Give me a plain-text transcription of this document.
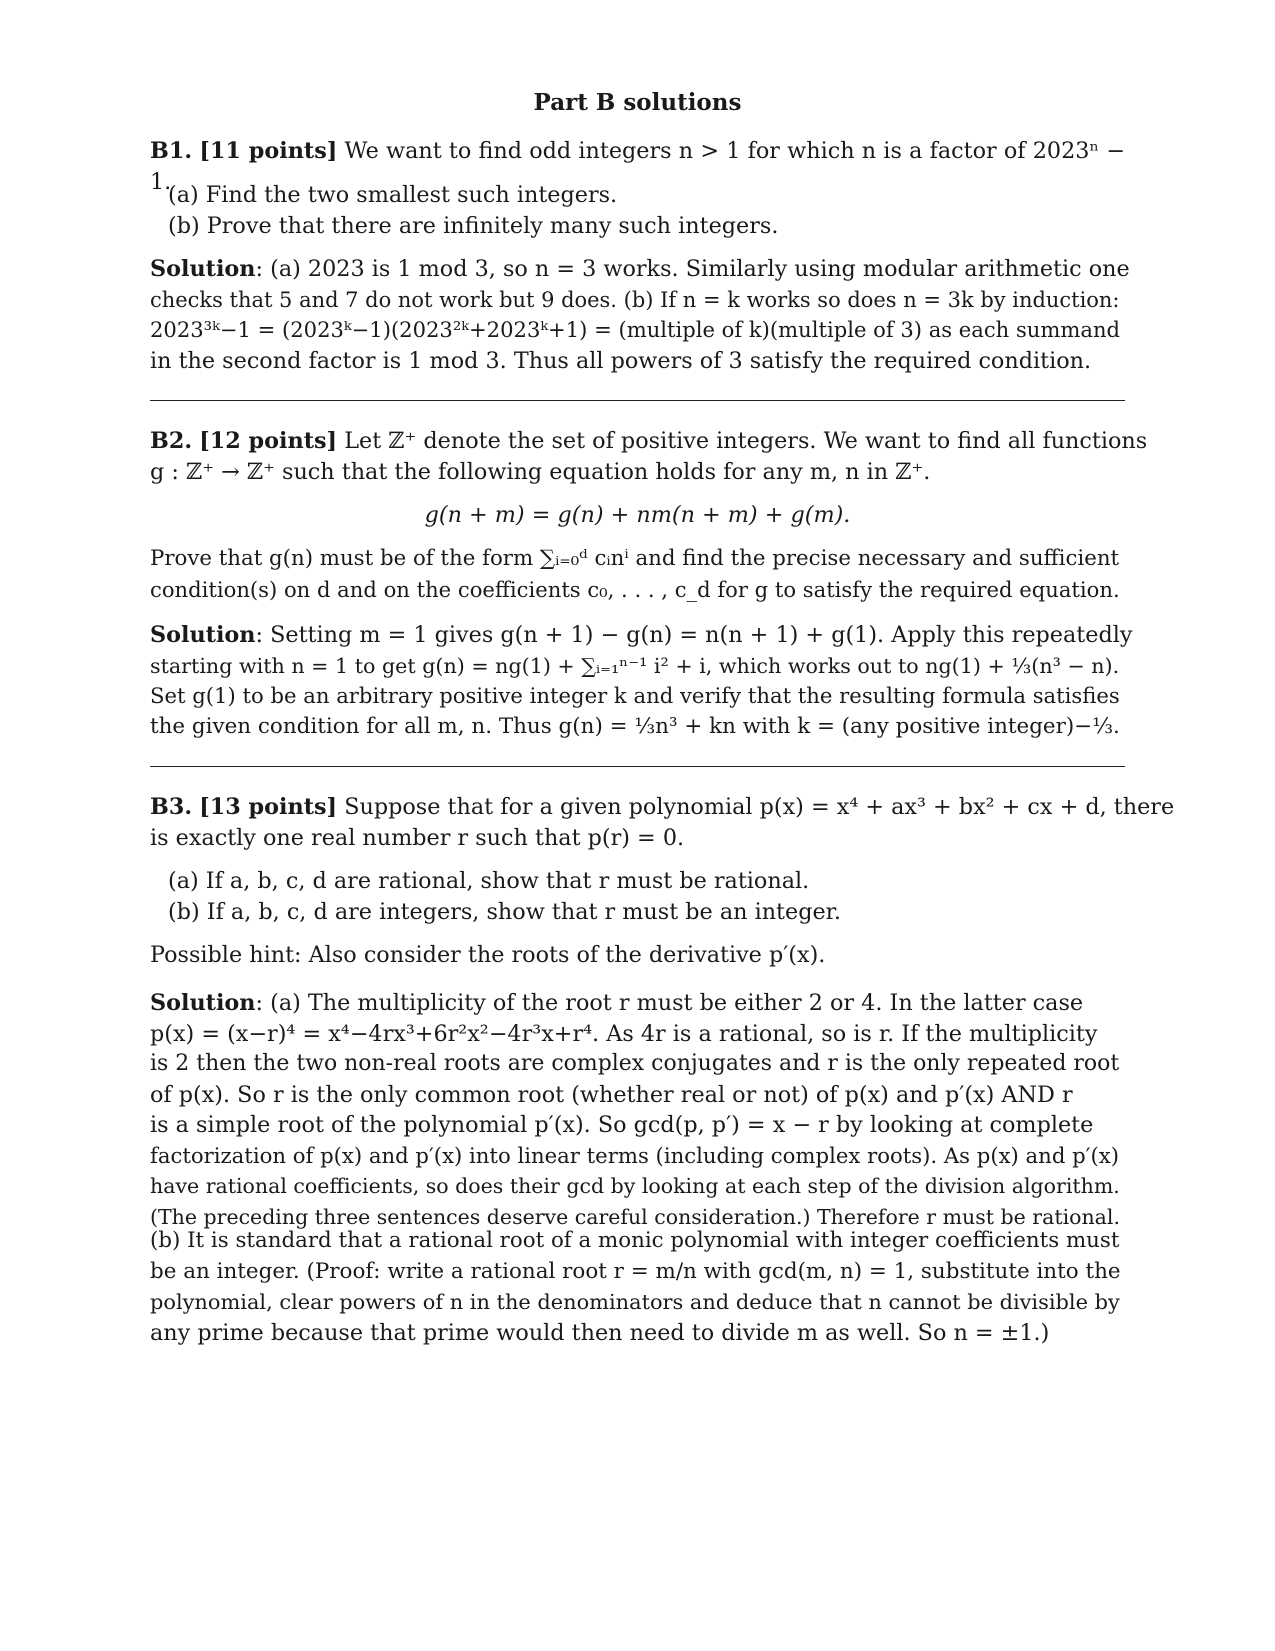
Part B solutions
B1. [11 points] We want to find odd integers n > 1 for which n is a factor of 2023ⁿ − 1.
(a) Find the two smallest such integers.
(b) Prove that there are infinitely many such integers.
Solution: (a) 2023 is 1 mod 3, so n = 3 works. Similarly using modular arithmetic one
checks that 5 and 7 do not work but 9 does. (b) If n = k works so does n = 3k by induction:
2023³ᵏ−1 = (2023ᵏ−1)(2023²ᵏ+2023ᵏ+1) = (multiple of k)(multiple of 3) as each summand
in the second factor is 1 mod 3. Thus all powers of 3 satisfy the required condition.
B2. [12 points] Let ℤ⁺ denote the set of positive integers. We want to find all functions
g : ℤ⁺ → ℤ⁺ such that the following equation holds for any m, n in ℤ⁺.
g(n + m) = g(n) + nm(n + m) + g(m).
Prove that g(n) must be of the form ∑ᵢ₌₀ᵈ cᵢnⁱ and find the precise necessary and sufficient
condition(s) on d and on the coefficients c₀, . . . , c_d for g to satisfy the required equation.
Solution: Setting m = 1 gives g(n + 1) − g(n) = n(n + 1) + g(1). Apply this repeatedly
starting with n = 1 to get g(n) = ng(1) + ∑ᵢ₌₁ⁿ⁻¹ i² + i, which works out to ng(1) + ⅓(n³ − n).
Set g(1) to be an arbitrary positive integer k and verify that the resulting formula satisfies
the given condition for all m, n. Thus g(n) = ⅓n³ + kn with k = (any positive integer)−⅓.
B3. [13 points] Suppose that for a given polynomial p(x) = x⁴ + ax³ + bx² + cx + d, there
is exactly one real number r such that p(r) = 0.
(a) If a, b, c, d are rational, show that r must be rational.
(b) If a, b, c, d are integers, show that r must be an integer.
Possible hint: Also consider the roots of the derivative p′(x).
Solution: (a) The multiplicity of the root r must be either 2 or 4. In the latter case
p(x) = (x−r)⁴ = x⁴−4rx³+6r²x²−4r³x+r⁴. As 4r is a rational, so is r. If the multiplicity
is 2 then the two non-real roots are complex conjugates and r is the only repeated root
of p(x). So r is the only common root (whether real or not) of p(x) and p′(x) AND r
is a simple root of the polynomial p′(x). So gcd(p, p′) = x − r by looking at complete
factorization of p(x) and p′(x) into linear terms (including complex roots). As p(x) and p′(x)
have rational coefficients, so does their gcd by looking at each step of the division algorithm.
(The preceding three sentences deserve careful consideration.) Therefore r must be rational.
(b) It is standard that a rational root of a monic polynomial with integer coefficients must
be an integer. (Proof: write a rational root r = m/n with gcd(m, n) = 1, substitute into the
polynomial, clear powers of n in the denominators and deduce that n cannot be divisible by
any prime because that prime would then need to divide m as well. So n = ±1.)
